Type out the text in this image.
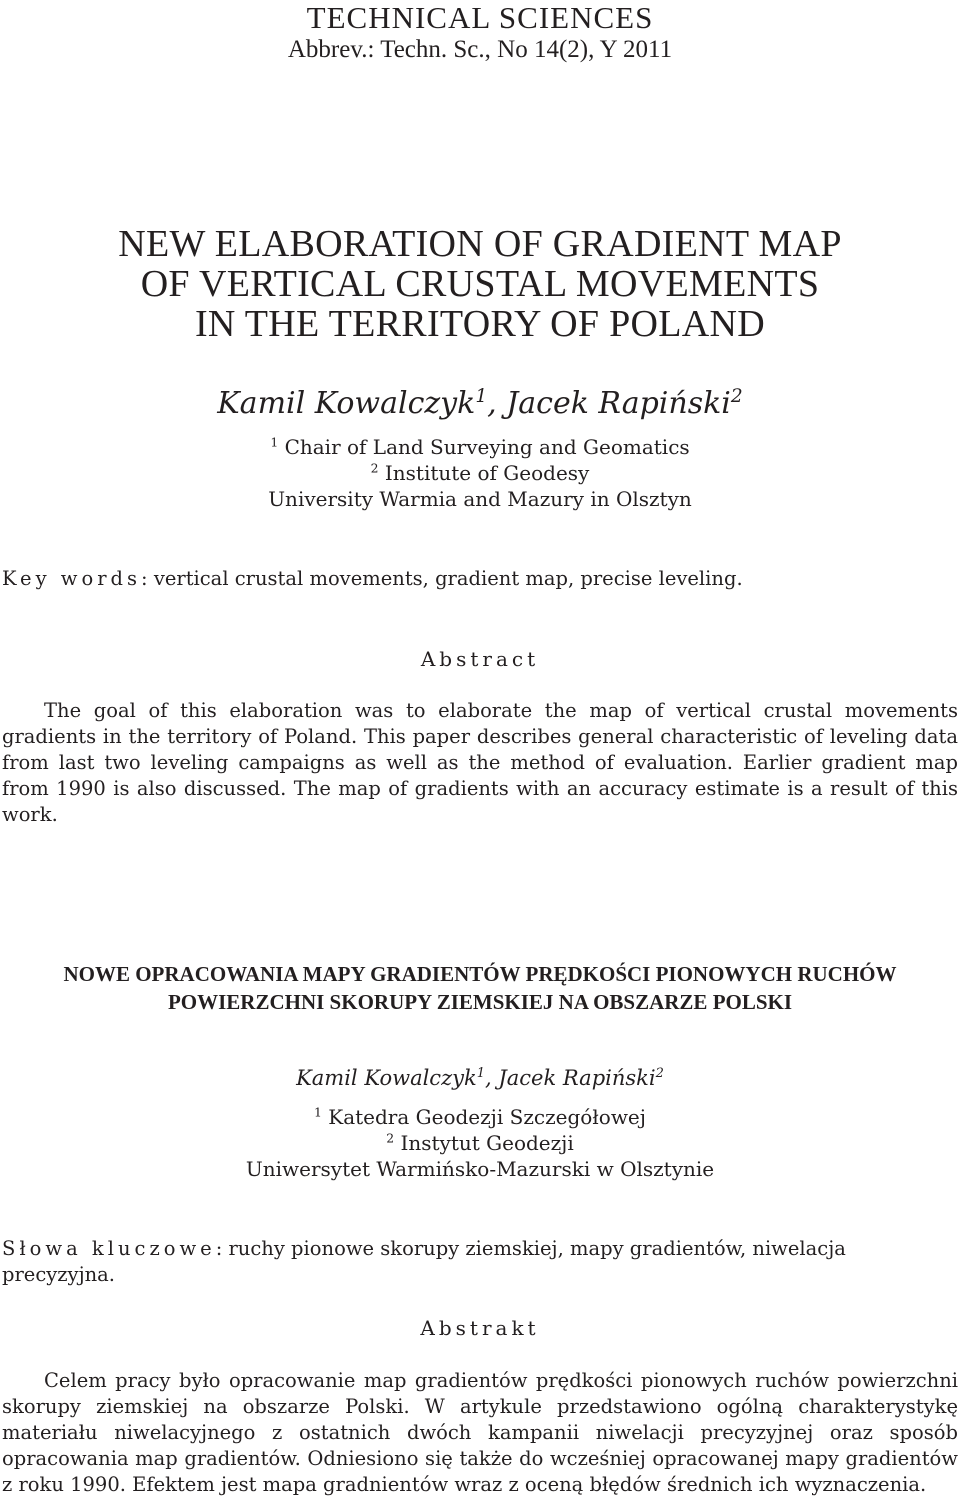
TECHNICAL SCIENCES
Abbrev.: Techn. Sc., No 14(2), Y 2011
NEW ELABORATION OF GRADIENT MAP
OF VERTICAL CRUSTAL MOVEMENTS
IN THE TERRITORY OF POLAND
Kamil Kowalczyk$^1$, Jacek Rapiński$^2$
$^1$ Chair of Land Surveying and Geomatics
$^2$ Institute of Geodesy
University Warmia and Mazury in Olsztyn
Key words: vertical crustal movements, gradient map, precise leveling.
Abstract
The goal of this elaboration was to elaborate the map of vertical crustal movements gradients in the territory of Poland. This paper describes general characteristic of leveling data from last two leveling campaigns as well as the method of evaluation. Earlier gradient map from 1990 is also discussed. The map of gradients with an accuracy estimate is a result of this work.
NOWE OPRACOWANIA MAPY GRADIENTÓW PRĘDKOŚCI PIONOWYCH RUCHÓW
POWIERZCHNI SKORUPY ZIEMSKIEJ NA OBSZARZE POLSKI
Kamil Kowalczyk$^1$, Jacek Rapiński$^2$
$^1$ Katedra Geodezji Szczegółowej
$^2$ Instytut Geodezji
Uniwersytet Warmińsko-Mazurski w Olsztynie
Słowa kluczowe: ruchy pionowe skorupy ziemskiej, mapy gradientów, niwelacja precyzyjna.
Abstrakt
Celem pracy było opracowanie map gradientów prędkości pionowych ruchów powierzchni skorupy ziemskiej na obszarze Polski. W artykule przedstawiono ogólną charakterystykę materiału niwelacyjnego z ostatnich dwóch kampanii niwelacji precyzyjnej oraz sposób opracowania map gradientów. Odniesiono się także do wcześniej opracowanej mapy gradientów z roku 1990. Efektem jest mapa gradnientów wraz z oceną błędów średnich ich wyznaczenia.
